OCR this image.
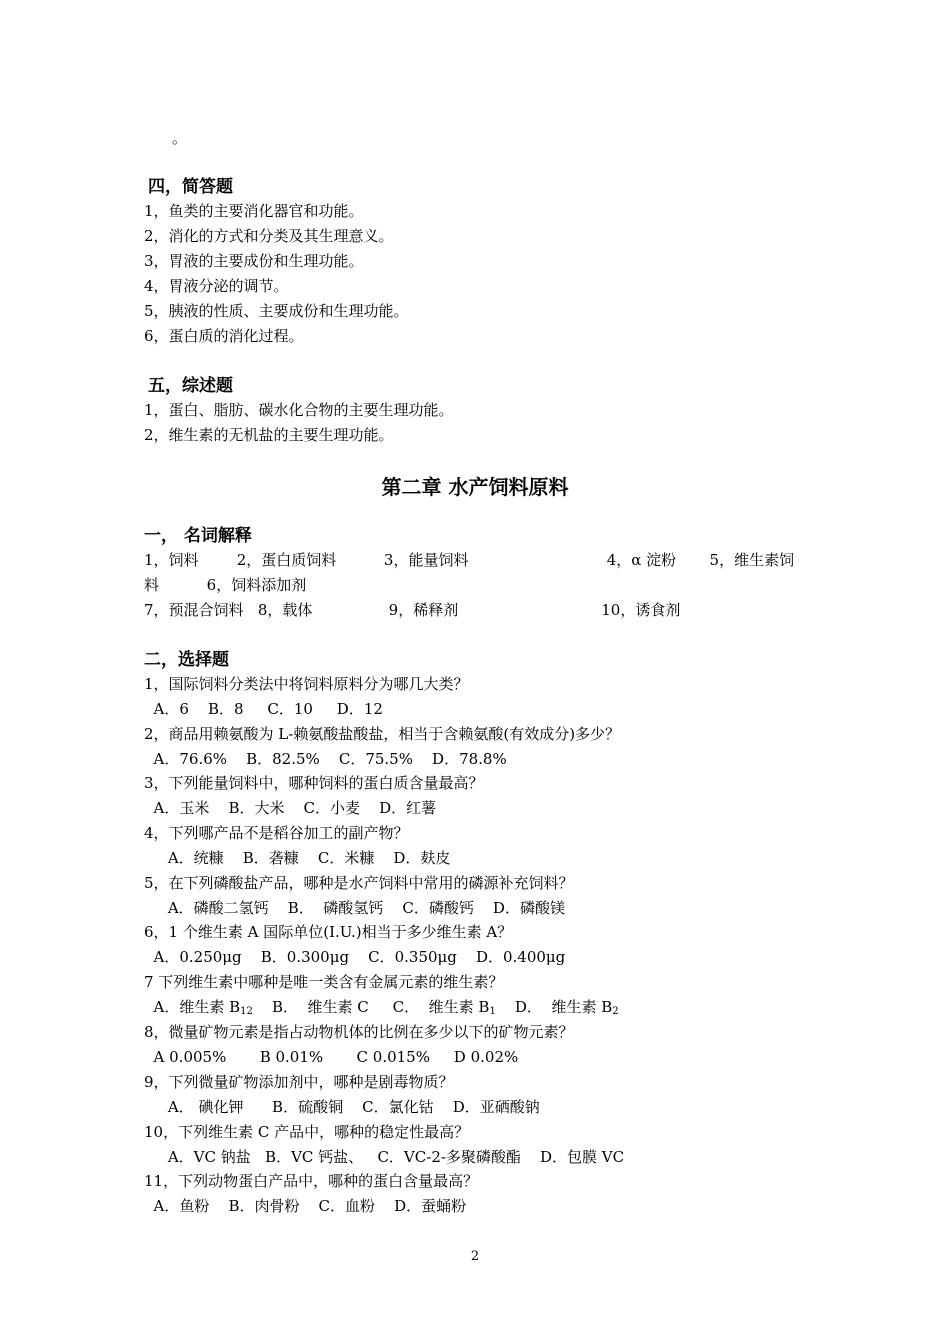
。
四，简答题
1，鱼类的主要消化器官和功能。
2，消化的方式和分类及其生理意义。
3，胃液的主要成份和生理功能。
4，胃液分泌的调节。
5，胰液的性质、主要成份和生理功能。
6，蛋白质的消化过程。
五，综述题
1，蛋白、脂肪、碳水化合物的主要生理功能。
2，维生素的无机盐的主要生理功能。
第二章 水产饲料原料
一， 名词解释
1，饲料        2，蛋白质饲料          3，能量饲料                             4，α 淀粉       5，维生素饲
料          6，饲料添加剂
7，预混合饲料   8，载体                9，稀释剂                              10，诱食剂
二，选择题
1，国际饲料分类法中将饲料原料分为哪几大类？
A．6    B．8     C．10     D．12
2，商品用赖氨酸为 L-赖氨酸盐酸盐，相当于含赖氨酸(有效成分)多少？
A．76.6%    B．82.5%    C．75.5%    D．78.8%
3，下列能量饲料中，哪种饲料的蛋白质含量最高？
A．玉米    B．大米    C．小麦    D．红薯
4，下列哪产品不是稻谷加工的副产物？
A．统糠    B．砻糠    C．米糠    D．麸皮
5，在下列磷酸盐产品，哪种是水产饲料中常用的磷源补充饲料？
A．磷酸二氢钙    B．  磷酸氢钙    C．磷酸钙    D．磷酸镁
6，1 个维生素 A 国际单位(I.U.)相当于多少维生素 A？
A．0.250μg    B．0.300μg    C．0.350μg    D．0.400μg
7 下列维生素中哪种是唯一类含有金属元素的维生素？
A．维生素 $B_{12}$    B．  维生素 C     C．  维生素 $B_1$    D．  维生素 $B_2$
8，微量矿物元素是指占动物机体的比例在多少以下的矿物元素？
A 0.005%       B 0.01%       C 0.015%     D 0.02%
9，下列微量矿物添加剂中，哪种是剧毒物质？
A． 碘化钾      B．硫酸铜    C．氯化钴    D．亚硒酸钠
10，下列维生素 C 产品中，哪种的稳定性最高？
A．VC 钠盐   B．VC 钙盐、   C．VC-2-多聚磷酸酯    D．包膜 VC
11，下列动物蛋白产品中，哪种的蛋白含量最高？
A．鱼粉    B．肉骨粉    C．血粉    D．蚕蛹粉
2
